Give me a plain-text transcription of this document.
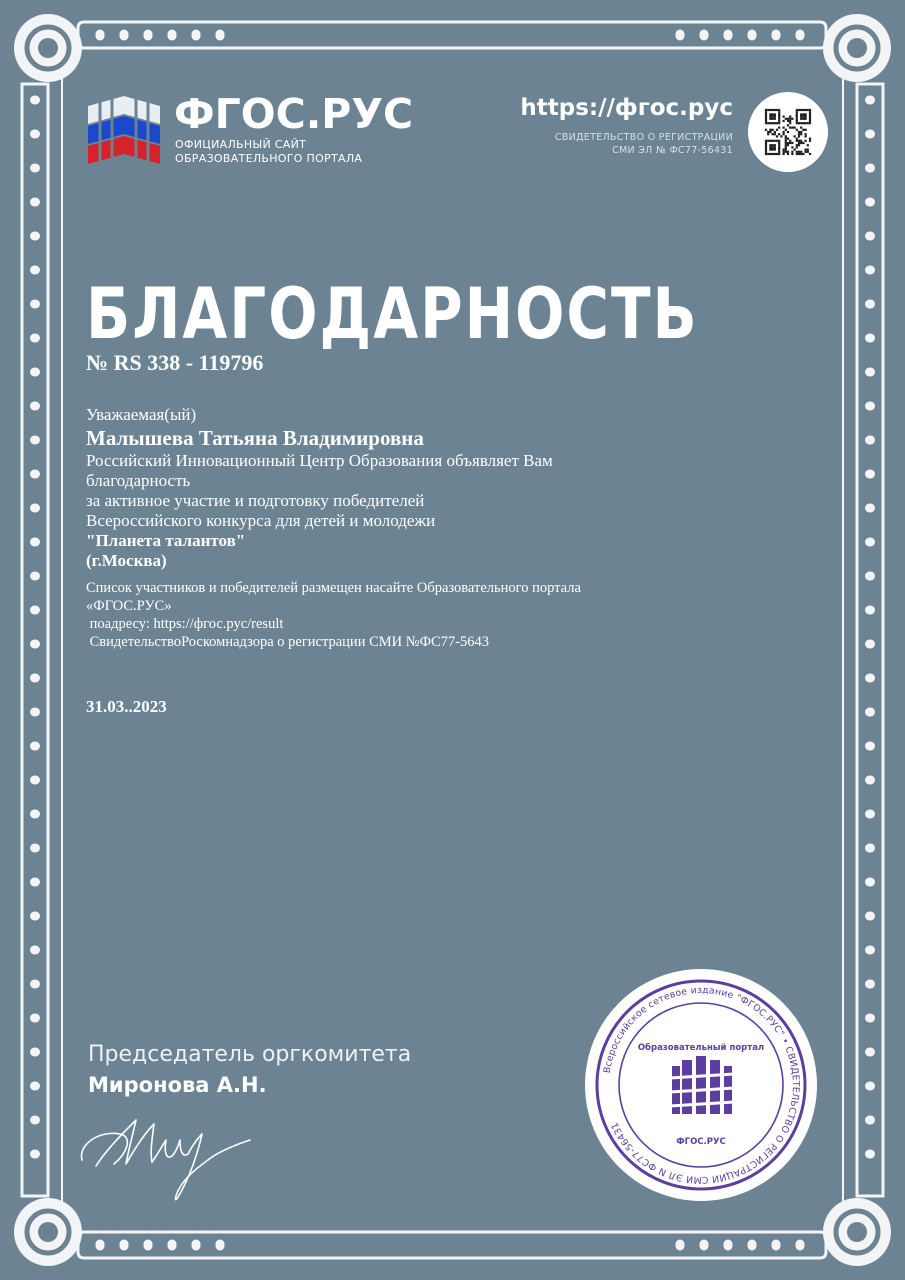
ФГОС.РУС
ОФИЦИАЛЬНЫЙ САЙТ
ОБРАЗОВАТЕЛЬНОГО ПОРТАЛА
https://фгос.рус
СВИДЕТЕЛЬСТВО О РЕГИСТРАЦИИ
СМИ ЭЛ № ФС77-56431
БЛАГОДАРНОСТЬ
№ RS 338 - 119796
Уважаемая(ый)
Малышева Татьяна Владимировна
Российский Инновационный Центр Образования объявляет Вам
благодарность
за активное участие и подготовку победителей
Всероссийского конкурса для детей и молодежи
"Планета талантов"
(г.Москва)
Список участников и победителей размещен насайте Образовательного портала
«ФГОС.РУС»
поадресу: https://фгос.рус/result
СвидетельствоРоскомнадзора о регистрации СМИ №ФС77-5643
31.03..2023
Председатель оргкомитета
Миронова А.Н.
Всероссийское сетевое издание "ФГОС.РУС" • СВИДЕТЕЛЬСТВО О РЕГИСТРАЦИИ СМИ ЭЛ N ФС77-56431
Образовательный портал
ФГОС.РУС
